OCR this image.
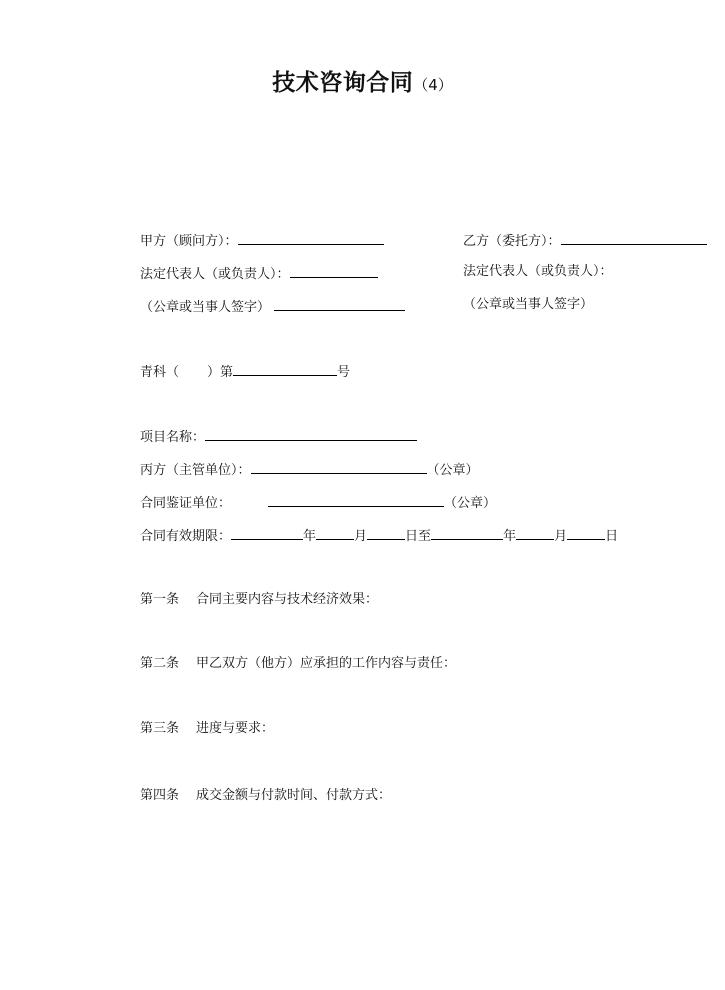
技术咨询合同（4）
甲方（顾问方）：	乙方（委托方）：
法定代表人（或负责人）：	法定代表人（或负责人）：
（公章或当事人签字）	（公章或当事人签字）
青科（ ）第	号
项目名称：
丙方（主管单位）：	（公章）
合同鉴证单位：	（公章）
合同有效期限：	年	月	日至	年	月	日
第一条 合同主要内容与技术经济效果：
第二条 甲乙双方（他方）应承担的工作内容与责任：
第三条 进度与要求：
第四条 成交金额与付款时间、付款方式：
